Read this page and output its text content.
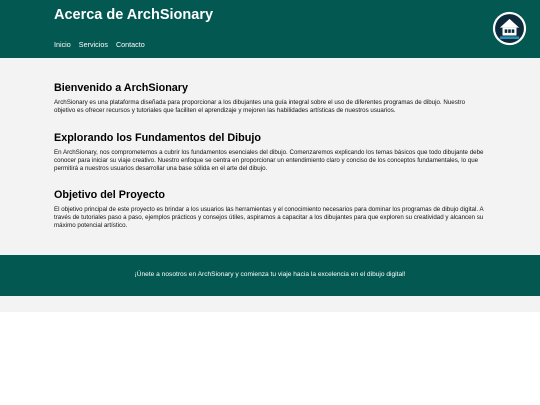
Acerca de ArchSionary
Inicio Servicios Contacto
Bienvenido a ArchSionary

ArchSionary es una plataforma diseñada para proporcionar a los dibujantes una guía integral sobre el uso de diferentes programas de dibujo. Nuestro objetivo es ofrecer recursos y tutoriales que faciliten el aprendizaje y mejoren las habilidades artísticas de nuestros usuarios.

Explorando los Fundamentos del Dibujo

En ArchSionary, nos comprometemos a cubrir los fundamentos esenciales del dibujo. Comenzaremos explicando los temas básicos que todo dibujante debe conocer para iniciar su viaje creativo. Nuestro enfoque se centra en proporcionar un entendimiento claro y conciso de los conceptos fundamentales, lo que permitirá a nuestros usuarios desarrollar una base sólida en el arte del dibujo.

Objetivo del Proyecto

El objetivo principal de este proyecto es brindar a los usuarios las herramientas y el conocimiento necesarios para dominar los programas de dibujo digital. A través de tutoriales paso a paso, ejemplos prácticos y consejos útiles, aspiramos a capacitar a los dibujantes para que exploren su creatividad y alcancen su máximo potencial artístico.

¡Únete a nosotros en ArchSionary y comienza tu viaje hacia la excelencia en el dibujo digital!
